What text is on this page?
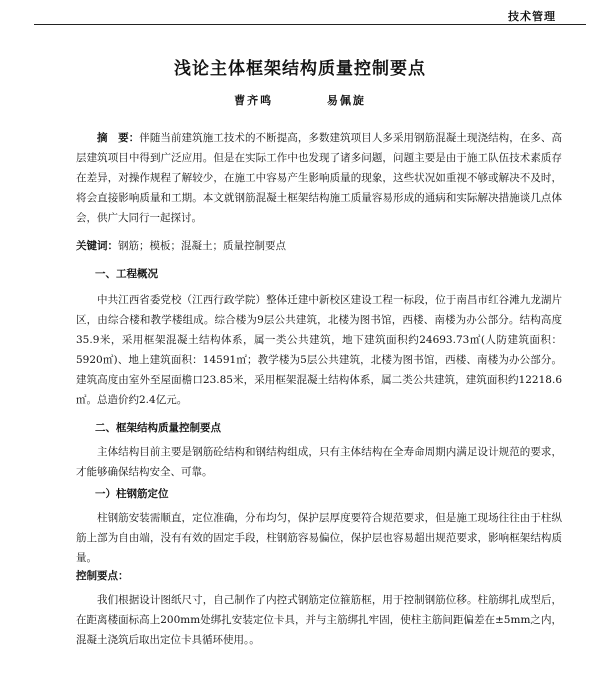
技术管理
浅论主体框架结构质量控制要点
曹齐鸣	易佩旋
摘　要：伴随当前建筑施工技术的不断提高，多数建筑项目人多采用钢筋混凝土现浇结构，在多、高层建筑项目中得到广泛应用。但是在实际工作中也发现了诸多问题，问题主要是由于施工队伍技术素质存在差异，对操作规程了解较少，在施工中容易产生影响质量的现象，这些状况如重视不够或解决不及时，将会直接影响质量和工期。本文就钢筋混凝土框架结构施工质量容易形成的通病和实际解决措施谈几点体会，供广大同行一起探讨。
关键词：钢筋；模板；混凝土；质量控制要点
一、工程概况
中共江西省委党校（江西行政学院）整体迁建中新校区建设工程一标段，位于南昌市红谷滩九龙湖片区，由综合楼和教学楼组成。综合楼为9层公共建筑，北楼为图书馆，西楼、南楼为办公部分。结构高度35.9米，采用框架混凝土结构体系，属一类公共建筑，地下建筑面积约24693.73㎡(人防建筑面积：5920㎡)、地上建筑面积：14591㎡；教学楼为5层公共建筑，北楼为图书馆，西楼、南楼为办公部分。建筑高度由室外至屋面檐口23.85米，采用框架混凝土结构体系，属二类公共建筑，建筑面积约12218.6㎡。总造价约2.4亿元。
二、框架结构质量控制要点
主体结构目前主要是钢筋砼结构和钢结构组成，只有主体结构在全寿命周期内满足设计规范的要求，才能够确保结构安全、可靠。
一）柱钢筋定位
柱钢筋安装需顺直，定位准确，分布均匀，保护层厚度要符合规范要求，但是施工现场往往由于柱纵筋上部为自由端，没有有效的固定手段，柱钢筋容易偏位，保护层也容易超出规范要求，影响框架结构质量。
控制要点：
我们根据设计图纸尺寸，自己制作了内控式钢筋定位箍筋框，用于控制钢筋位移。柱筋绑扎成型后，在距离楼面标高上200mm处绑扎安装定位卡具，并与主筋绑扎牢固，使柱主筋间距偏差在±5mm之内，混凝土浇筑后取出定位卡具循环使用。。
